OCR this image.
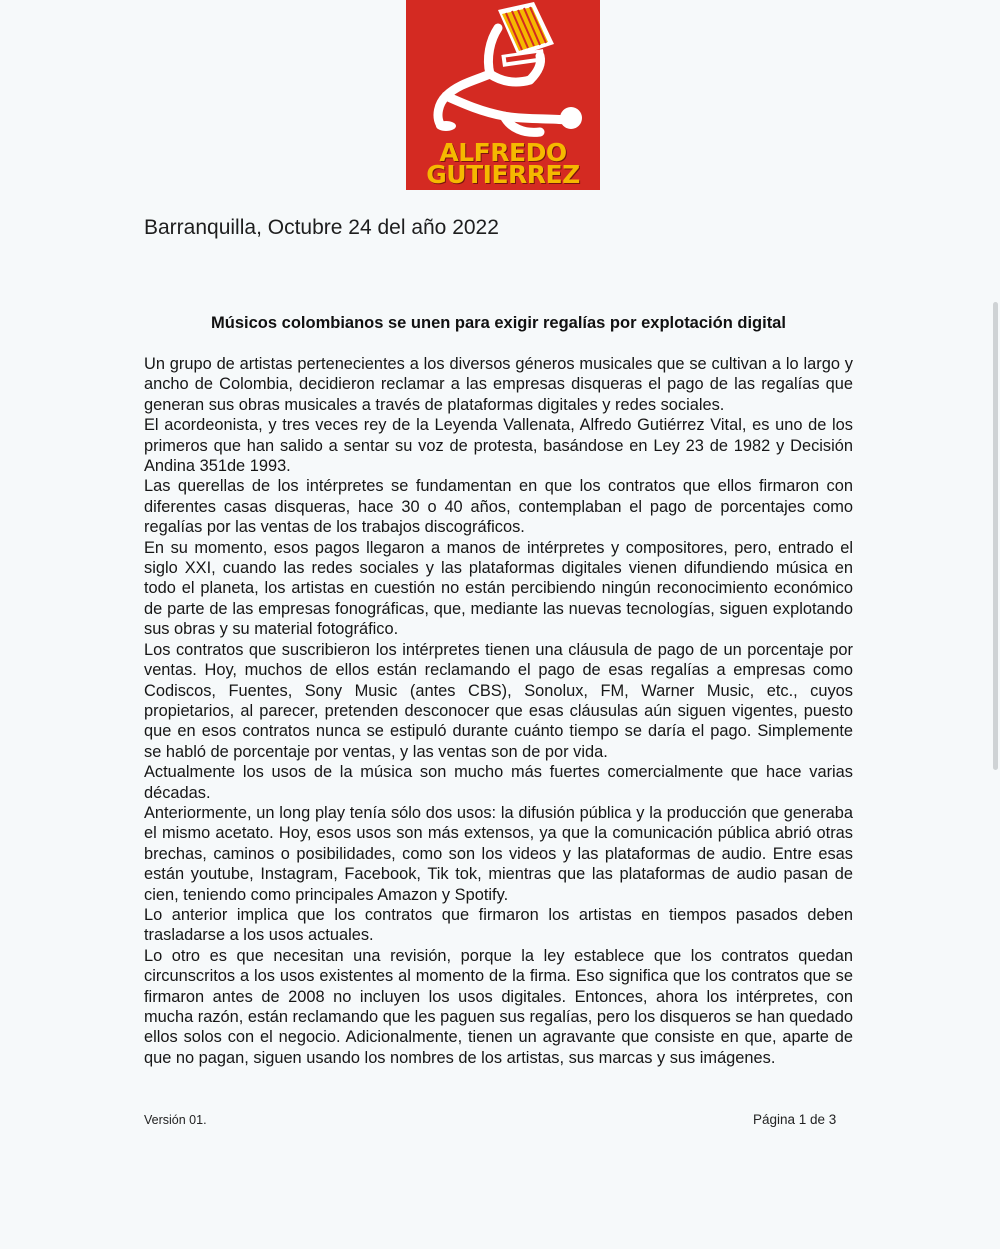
ALFREDO
GUTIERREZ
Barranquilla, Octubre 24 del año 2022
Músicos colombianos se unen para exigir regalías por explotación digital

Un grupo de artistas pertenecientes a los diversos géneros musicales que se cultivan a lo largo y ancho de Colombia, decidieron reclamar a las empresas disqueras el pago de las regalías que generan sus obras musicales a través de plataformas digitales y redes sociales.

El acordeonista, y tres veces rey de la Leyenda Vallenata, Alfredo Gutiérrez Vital, es uno de los primeros que han salido a sentar su voz de protesta, basándose en Ley 23 de 1982 y Decisión Andina 351de 1993.

Las querellas de los intérpretes se fundamentan en que los contratos que ellos firmaron con diferentes casas disqueras, hace 30 o 40 años, contemplaban el pago de porcentajes como regalías por las ventas de los trabajos discográficos.

En su momento, esos pagos llegaron a manos de intérpretes y compositores, pero, entrado el siglo XXI, cuando las redes sociales y las plataformas digitales vienen difundiendo música en todo el planeta, los artistas en cuestión no están percibiendo ningún reconocimiento económico de parte de las empresas fonográficas, que, mediante las nuevas tecnologías, siguen explotando sus obras y su material fotográfico.

Los contratos que suscribieron los intérpretes tienen una cláusula de pago de un porcentaje por ventas. Hoy, muchos de ellos están reclamando el pago de esas regalías a empresas como Codiscos, Fuentes, Sony Music (antes CBS), Sonolux, FM, Warner Music, etc., cuyos propietarios, al parecer, pretenden desconocer que esas cláusulas aún siguen vigentes, puesto que en esos contratos nunca se estipuló durante cuánto tiempo se daría el pago. Simplemente se habló de porcentaje por ventas, y las ventas son de por vida.

Actualmente los usos de la música son mucho más fuertes comercialmente que hace varias décadas.

Anteriormente, un long play tenía sólo dos usos: la difusión pública y la producción que generaba el mismo acetato. Hoy, esos usos son más extensos, ya que la comunicación pública abrió otras brechas, caminos o posibilidades, como son los videos y las plataformas de audio. Entre esas están youtube, Instagram, Facebook, Tik tok, mientras que las plataformas de audio pasan de cien, teniendo como principales Amazon y Spotify.

Lo anterior implica que los contratos que firmaron los artistas en tiempos pasados deben trasladarse a los usos actuales.

Lo otro es que necesitan una revisión, porque la ley establece que los contratos quedan circunscritos a los usos existentes al momento de la firma. Eso significa que los contratos que se firmaron antes de 2008 no incluyen los usos digitales. Entonces, ahora los intérpretes, con mucha razón, están reclamando que les paguen sus regalías, pero los disqueros se han quedado ellos solos con el negocio. Adicionalmente, tienen un agravante que consiste en que, aparte de que no pagan, siguen usando los nombres de los artistas, sus marcas y sus imágenes.

Versión 01.	Página 1 de 3
